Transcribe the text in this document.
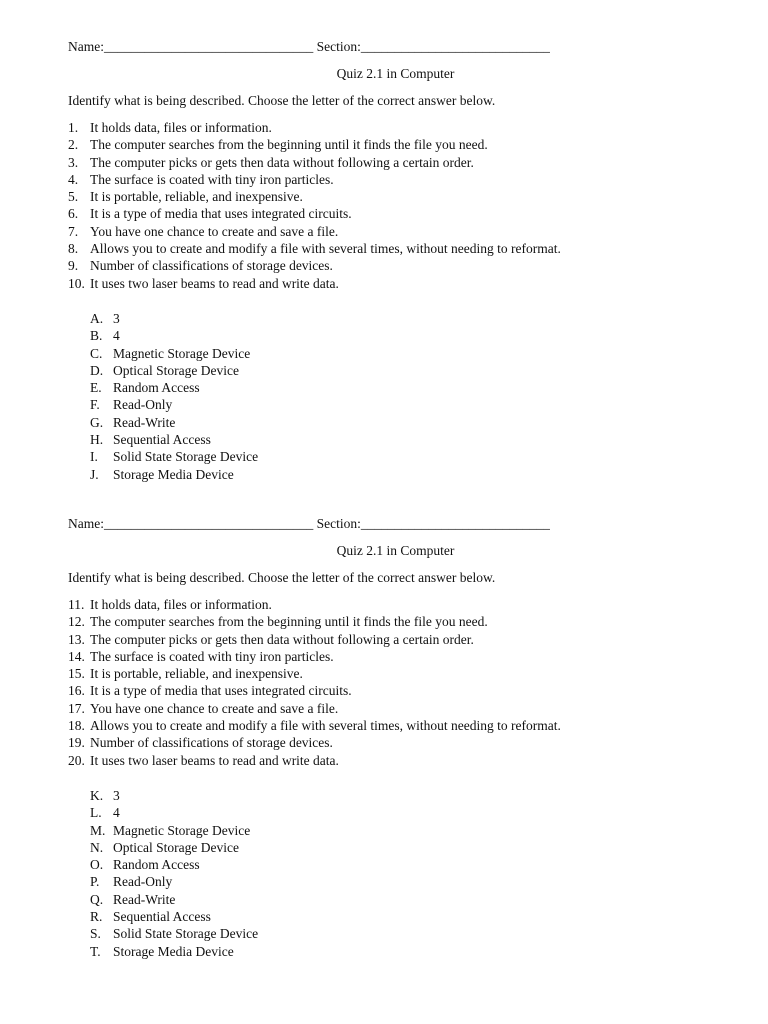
Name:_______________________________ Section:____________________________
Quiz 2.1 in Computer
Identify what is being described. Choose the letter of the correct answer below.
1. It holds data, files or information.
2. The computer searches from the beginning until it finds the file you need.
3. The computer picks or gets then data without following a certain order.
4. The surface is coated with tiny iron particles.
5. It is portable, reliable, and inexpensive.
6. It is a type of media that uses integrated circuits.
7. You have one chance to create and save a file.
8. Allows you to create and modify a file with several times, without needing to reformat.
9. Number of classifications of storage devices.
10. It uses two laser beams to read and write data.
A. 3
B. 4
C. Magnetic Storage Device
D. Optical Storage Device
E. Random Access
F. Read-Only
G. Read-Write
H. Sequential Access
I.	Solid State Storage Device
J.	Storage Media Device
Name:_______________________________ Section:____________________________
Quiz 2.1 in Computer
Identify what is being described. Choose the letter of the correct answer below.
11. It holds data, files or information.
12. The computer searches from the beginning until it finds the file you need.
13. The computer picks or gets then data without following a certain order.
14. The surface is coated with tiny iron particles.
15. It is portable, reliable, and inexpensive.
16. It is a type of media that uses integrated circuits.
17. You have one chance to create and save a file.
18. Allows you to create and modify a file with several times, without needing to reformat.
19. Number of classifications of storage devices.
20. It uses two laser beams to read and write data.
K. 3
L. 4
M. Magnetic Storage Device
N. Optical Storage Device
O. Random Access
P.	Read-Only
Q. Read-Write
R. Sequential Access
S. Solid State Storage Device
T. Storage Media Device
